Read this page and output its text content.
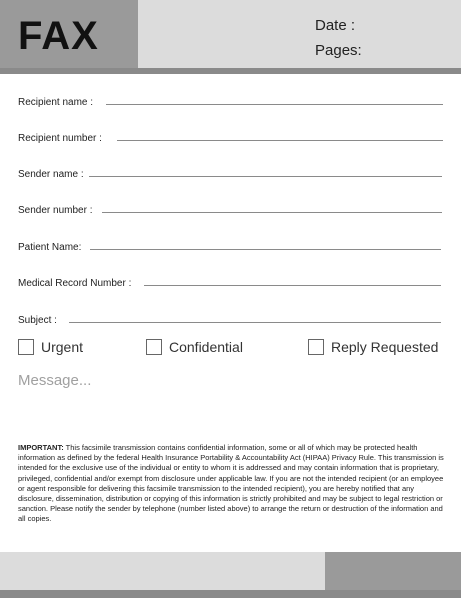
FAX	Date :
Pages:
Recipient name :
Recipient number :
Sender name :
Sender number :
Patient Name:
Medical Record Number :
Subject :
Urgent	Confidential	Reply Requested
Message...
IMPORTANT: This facsimile transmission contains confidential information, some or all of which may be protected health information as defined by the federal Health Insurance Portability & Accountability Act (HIPAA) Privacy Rule. This transmission is intended for the exclusive use of the individual or entity to whom it is addressed and may contain information that is proprietary, privileged, confidential and/or exempt from disclosure under applicable law. If you are not the intended recipient (or an employee or agent responsible for delivering this facsimile transmission to the intended recipient), you are hereby notified that any disclosure, dissemination, distribution or copying of this information is strictly prohibited and may be subject to legal restriction or sanction. Please notify the sender by telephone (number listed above) to arrange the return or destruction of the information and all copies.
